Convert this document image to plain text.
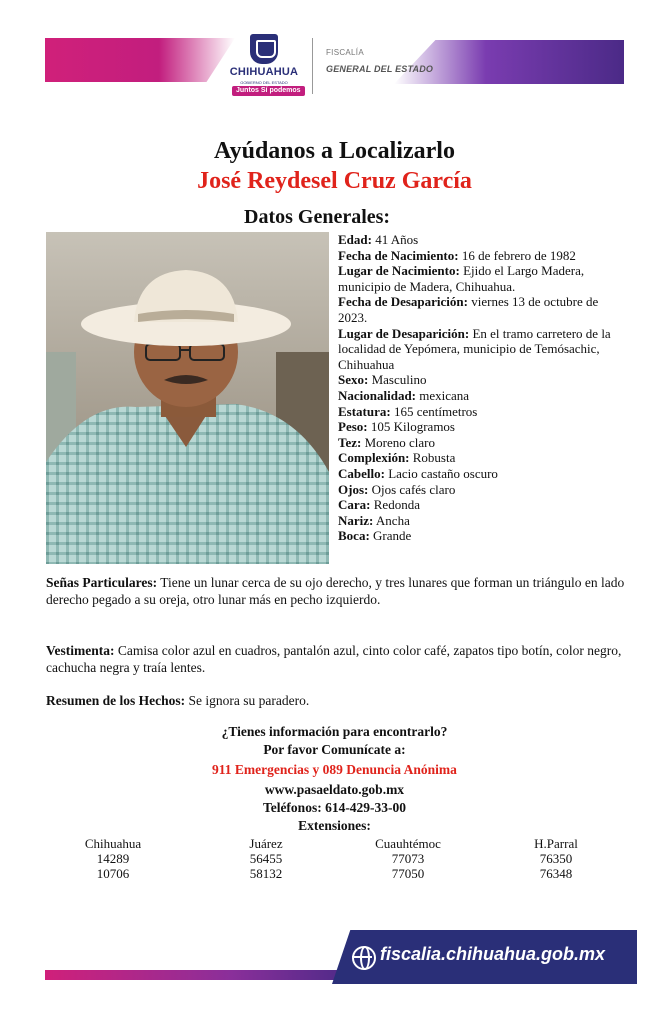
CHIHUAHUA
GOBIERNO DEL ESTADO
Juntos Sí podemos
FISCALÍA
GENERAL DEL ESTADO
Ayúdanos a Localizarlo
José Reydesel Cruz García
Datos Generales:

Edad: 41 Años

Fecha de Nacimiento: 16 de febrero de 1982

Lugar de Nacimiento: Ejido el Largo Madera, municipio de Madera, Chihuahua.

Fecha de Desaparición: viernes 13 de octubre de 2023.

Lugar de Desaparición: En el tramo carretero de la localidad de Yepómera, municipio de Temósachic, Chihuahua

Sexo: Masculino

Nacionalidad: mexicana

Estatura: 165 centímetros

Peso: 105 Kilogramos

Tez: Moreno claro

Complexión: Robusta

Cabello: Lacio castaño oscuro

Ojos: Ojos cafés claro

Cara: Redonda

Nariz: Ancha

Boca: Grande

Señas Particulares: Tiene un lunar cerca de su ojo derecho, y tres lunares que forman un triángulo en lado derecho pegado a su oreja, otro lunar más en pecho izquierdo.
Vestimenta: Camisa color azul en cuadros, pantalón azul, cinto color café, zapatos tipo botín, color negro, cachucha negra y traía lentes.
Resumen de los Hechos: Se ignora su paradero.
¿Tienes información para encontrarlo?
Por favor Comunícate a:
911 Emergencias y 089 Denuncia Anónima
www.pasaeldato.gob.mx
Teléfonos: 614-429-33-00
Extensiones:
Chihuahua
14289
10706
Juárez
56455
58132
Cuauhtémoc
77073
77050
H.Parral
76350
76348
fiscalia.chihuahua.gob.mx
